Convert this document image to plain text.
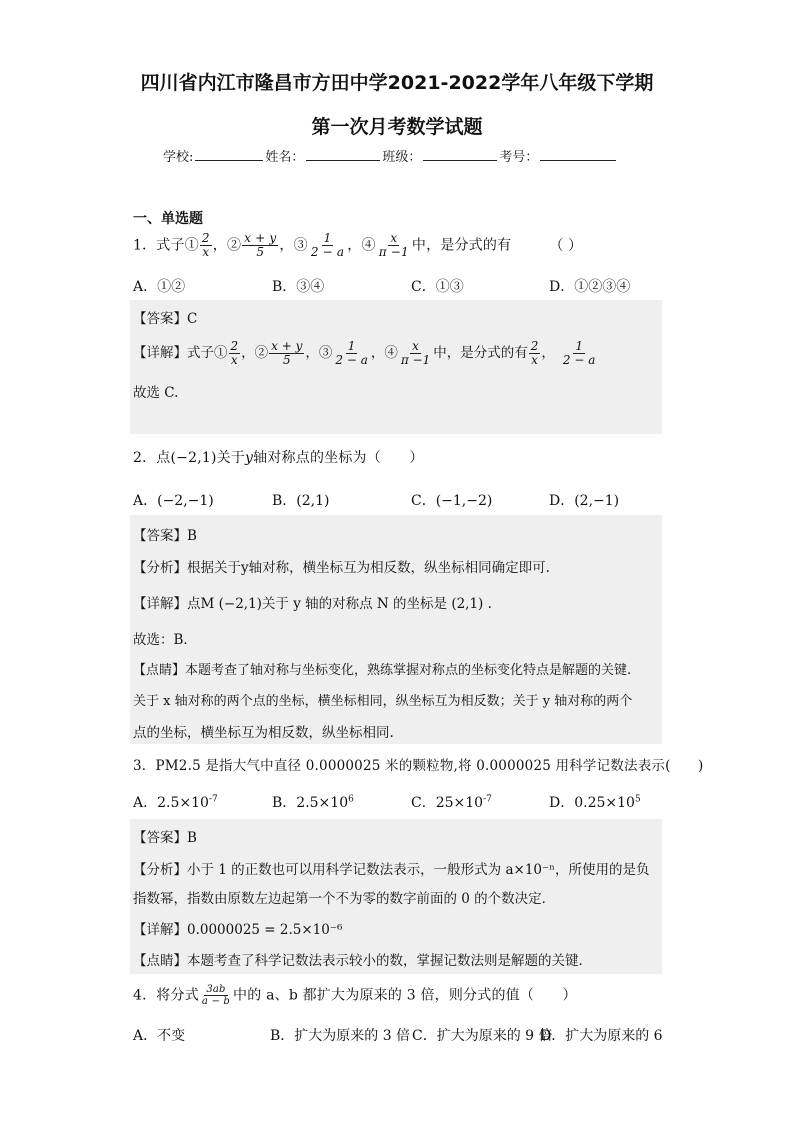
四川省内江市隆昌市方田中学2021-2022学年八年级下学期
第一次月考数学试题
学校:	姓名：	班级：	考号：
一、单选题
1．式子① $\frac{2}{x}$ ，② $\frac{x + y}{5}$ ，③ $\frac{1}{2 - a}$ ，④ $\frac{x}{\pi -1}$ 中，是分式的有	（ ）
A．①②	B．③④	C．①③	D．①②③④
【答案】C
【详解】式子① $\frac{2}{x}$ ，② $\frac{x + y}{5}$ ，③ $\frac{1}{2 - a}$ ，④ $\frac{x}{\pi -1}$ 中，是分式的有 $\frac{2}{x}$ ， $\frac{1}{2 - a}$
故选 C.
2．点(−2,1)关于y轴对称点的坐标为（　　）
A．(−2,−1)	B．(2,1)	C．(−1,−2)	D．(2,−1)
【答案】B
【分析】根据关于y轴对称，横坐标互为相反数，纵坐标相同确定即可.
【详解】点M (−2,1)关于 y 轴的对称点 N 的坐标是 (2,1) .
故选：B．
【点睛】本题考查了轴对称与坐标变化，熟练掌握对称点的坐标变化特点是解题的关键.
关于 x 轴对称的两个点的坐标，横坐标相同，纵坐标互为相反数；关于 y 轴对称的两个
点的坐标，横坐标互为相反数，纵坐标相同.
3．PM2.5 是指大气中直径 0.0000025 米的颗粒物,将 0.0000025 用科学记数法表示(　　)
A．$2.5\times 10^{-7}$	B．$2.5\times 10^6$	C．$25\times 10^{-7}$	D．$0.25\times 10^5$
【答案】B
【分析】小于 1 的正数也可以用科学记数法表示，一般形式为 a×10⁻ⁿ，所使用的是负
指数幂，指数由原数左边起第一个不为零的数字前面的 0 的个数决定．
【详解】0.0000025 = 2.5×10⁻⁶
【点睛】本题考查了科学记数法表示较小的数，掌握记数法则是解题的关键．
4．将分式 $\frac{3ab}{a - b}$ 中的 a、b 都扩大为原来的 3 倍，则分式的值（　　）
A．不变	B．扩大为原来的 3 倍 C．扩大为原来的 9 倍
D．扩大为原来的 6
